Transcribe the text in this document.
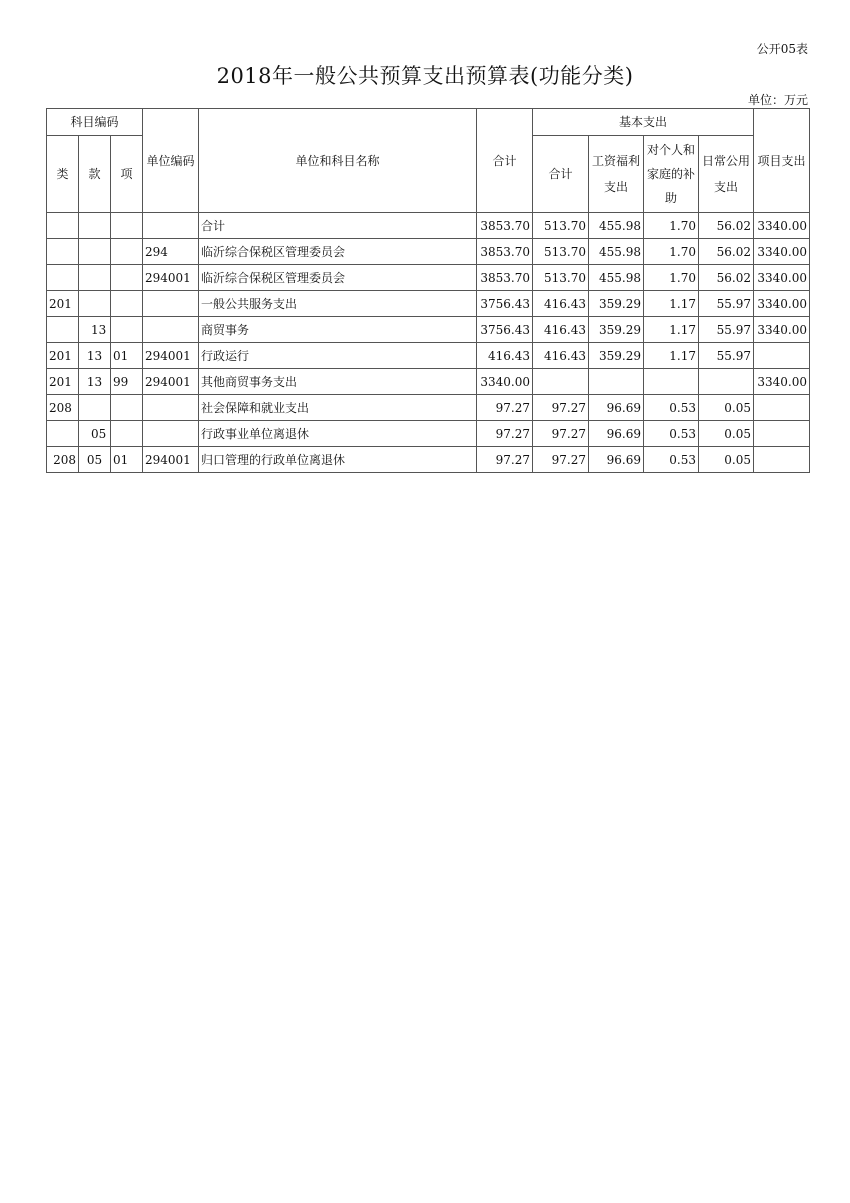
公开05表
2018年一般公共预算支出预算表(功能分类)
单位：万元
科目编码			单位编码	单位和科目名称	合计	基本支出				项目支出
类	款	项				合计	工资福利支出	对个人和家庭的补助	日常公用支出	
				合计	3853.70	513.70	455.98	1.70	56.02	3340.00
			294	临沂综合保税区管理委员会	3853.70	513.70	455.98	1.70	56.02	3340.00
			294001	临沂综合保税区管理委员会	3853.70	513.70	455.98	1.70	56.02	3340.00
201				一般公共服务支出	3756.43	416.43	359.29	1.17	55.97	3340.00
	13			商贸事务	3756.43	416.43	359.29	1.17	55.97	3340.00
201	13	01	294001	行政运行	416.43	416.43	359.29	1.17	55.97	
201	13	99	294001	其他商贸事务支出	3340.00					3340.00
208				社会保障和就业支出	97.27	97.27	96.69	0.53	0.05	
	05			行政事业单位离退休	97.27	97.27	96.69	0.53	0.05	
208	05	01	294001	归口管理的行政单位离退休	97.27	97.27	96.69	0.53	0.05	
